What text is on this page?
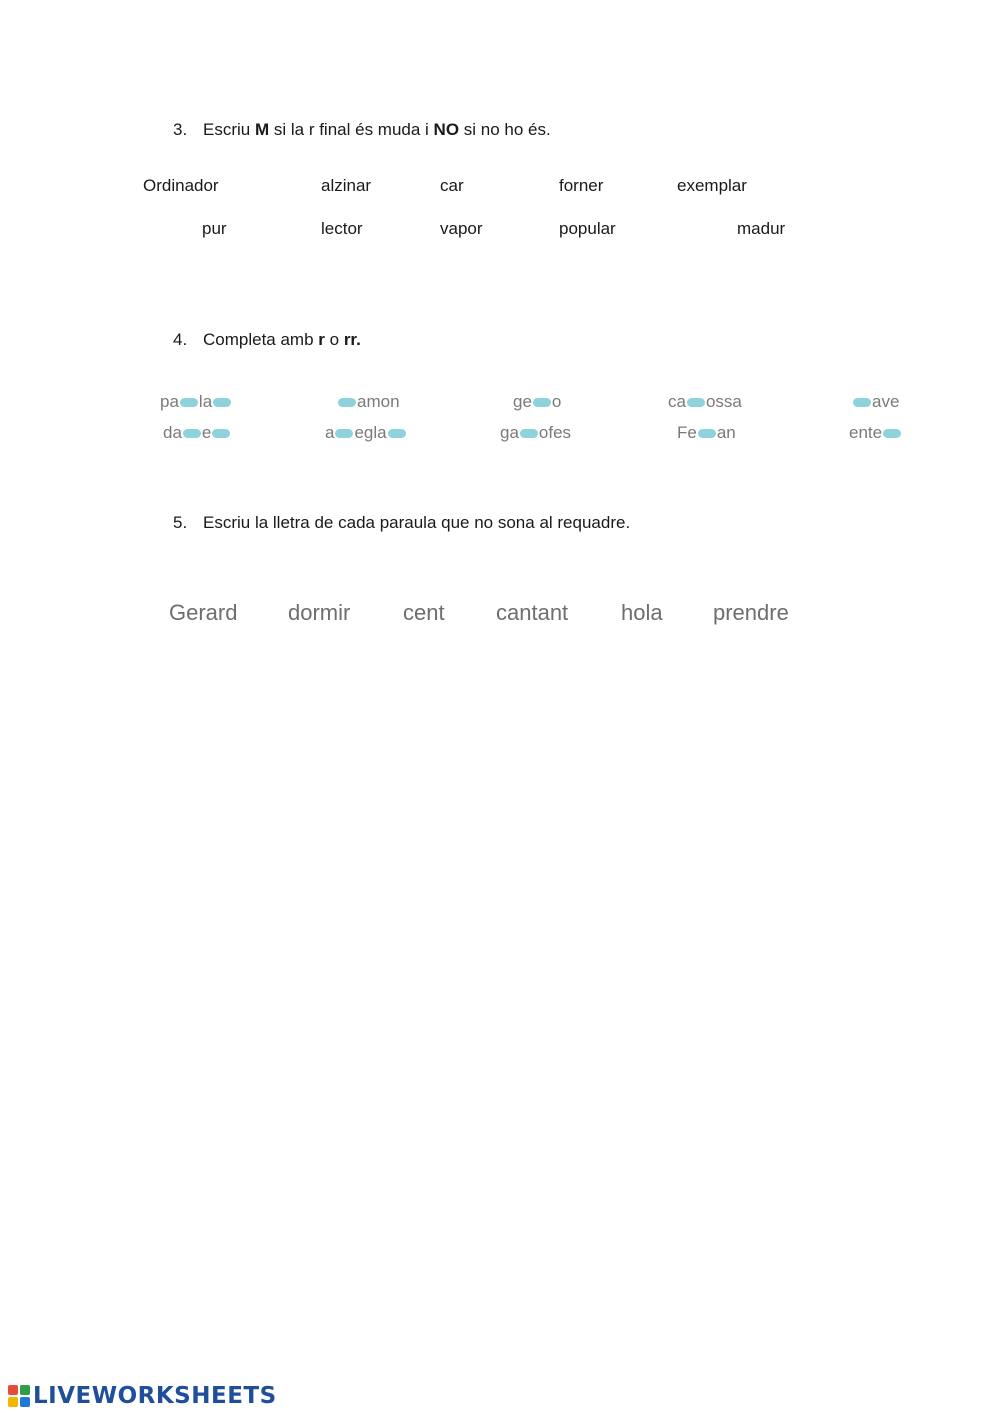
3. Escriu M si la r final és muda i NO si no ho és.
Ordinador	alzinar	car	forner	exemplar
pur	lector	vapor	popular	madur
4. Completa amb r o rr.
pa la	amon	ge o	ca ossa	ave
da e	a egla	ga ofes	Fe an	ente
5. Escriu la lletra de cada paraula que no sona al requadre.
Gerard dormir cent cantant hola prendre
LIVEWORKSHEETS
